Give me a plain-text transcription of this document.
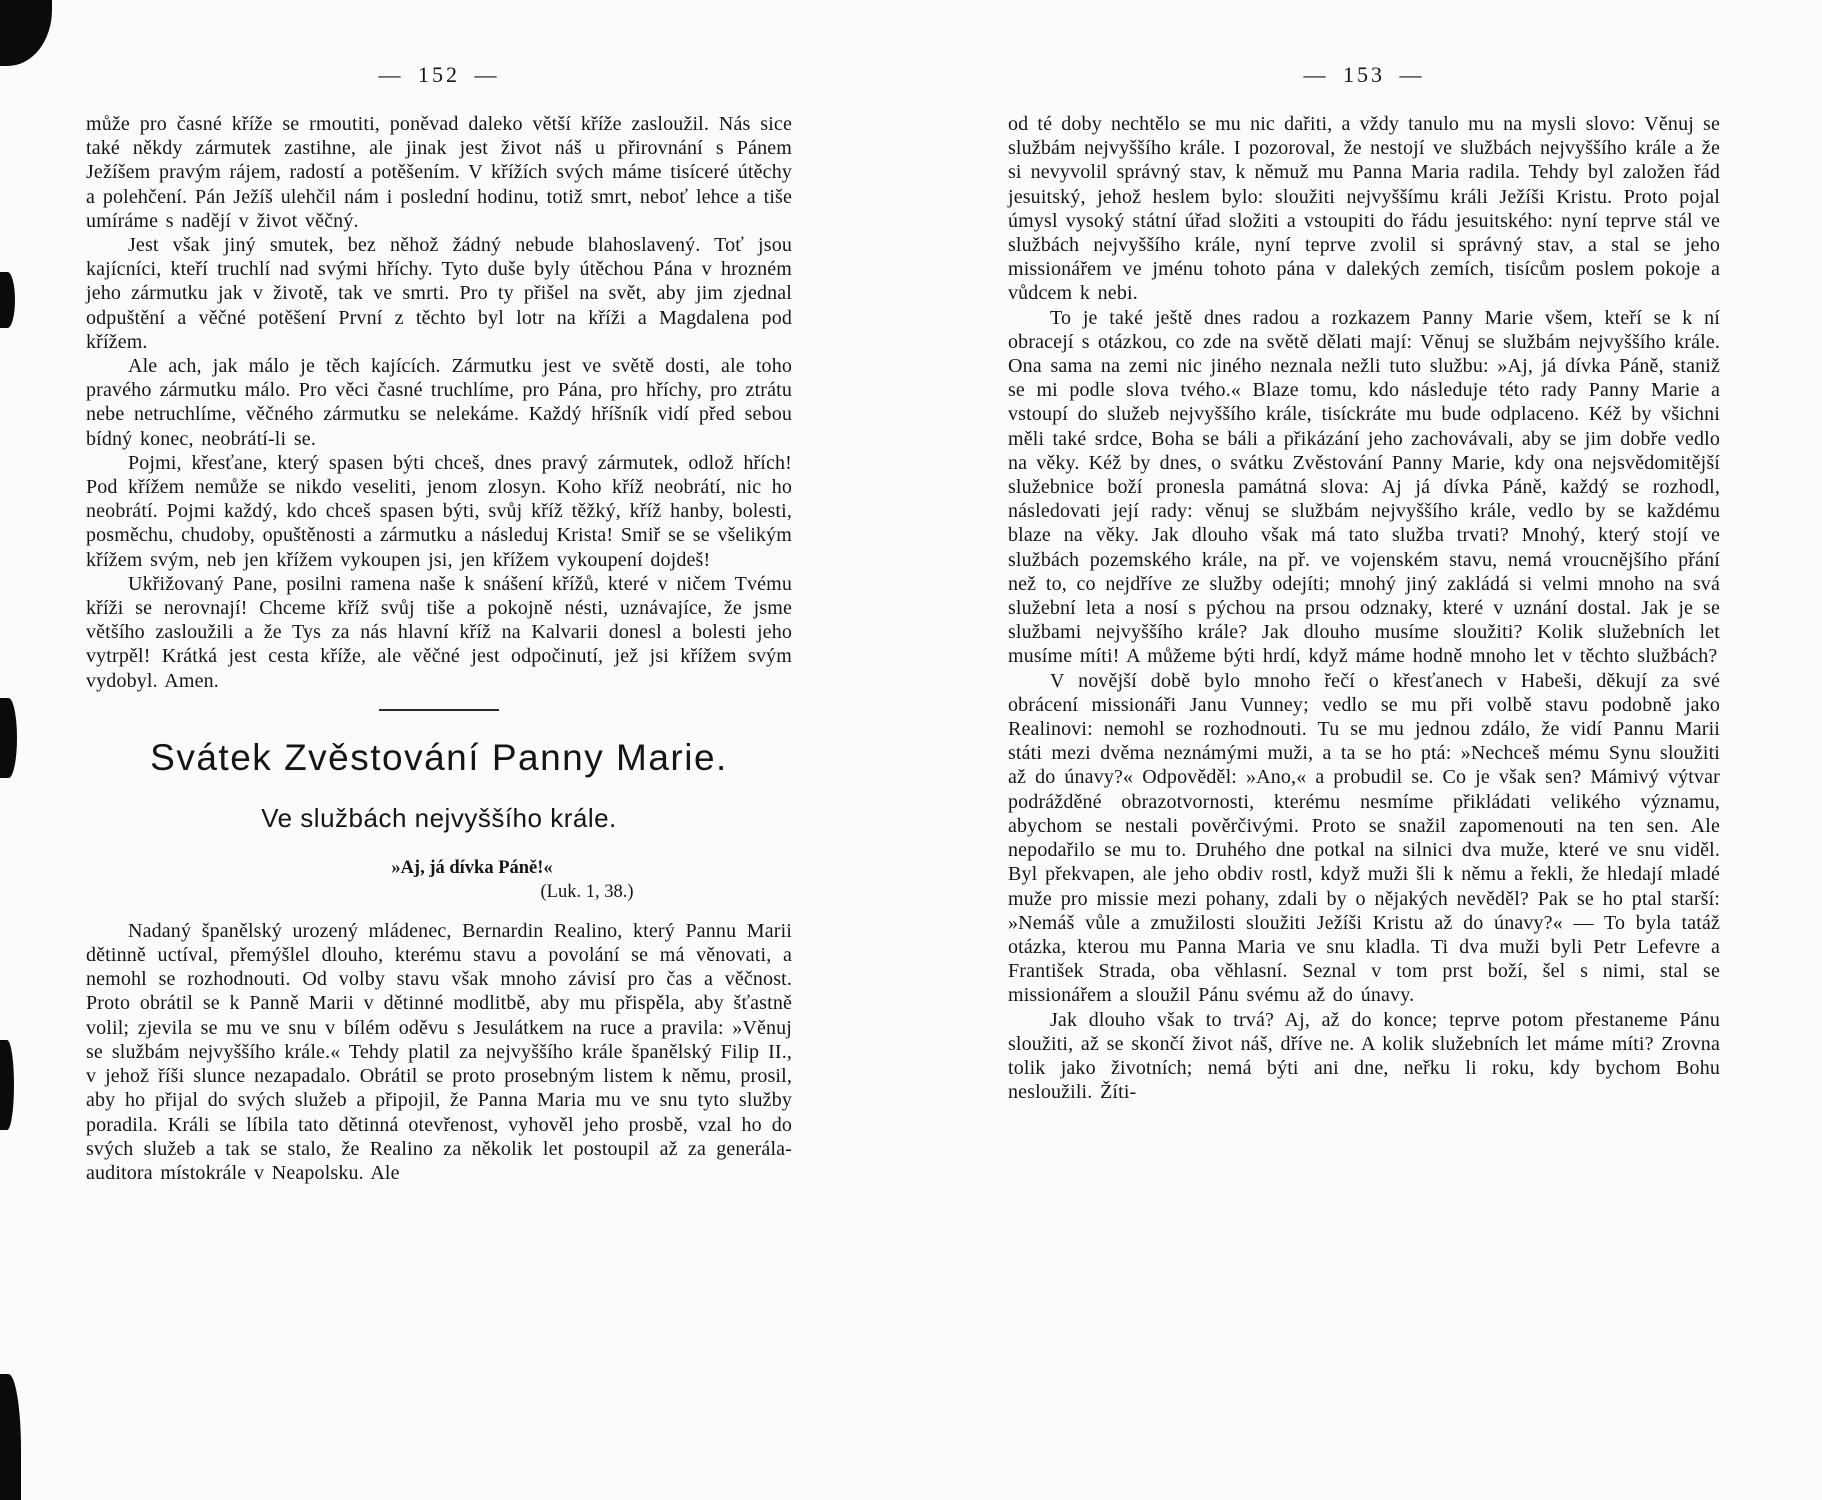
— 152 —

může pro časné kříže se rmoutiti, poněvad daleko větší kříže zasloužil. Nás sice také někdy zármutek zastihne, ale jinak jest život náš u přirovnání s Pánem Ježíšem pravým rájem, radostí a potěšením. V křížích svých máme tisíceré útěchy a polehčení. Pán Ježíš ulehčil nám i poslední hodinu, totiž smrt, neboť lehce a tiše umíráme s nadějí v život věčný.

Jest však jiný smutek, bez něhož žádný nebude blahoslavený. Toť jsou kajícníci, kteří truchlí nad svými hříchy. Tyto duše byly útěchou Pána v hrozném jeho zármutku jak v životě, tak ve smrti. Pro ty přišel na svět, aby jim zjednal odpuštění a věčné potěšení První z těchto byl lotr na kříži a Magdalena pod křížem.

Ale ach, jak málo je těch kajících. Zármutku jest ve světě dosti, ale toho pravého zármutku málo. Pro věci časné truchlíme, pro Pána, pro hříchy, pro ztrátu nebe netruchlíme, věčného zármutku se nelekáme. Každý hříšník vidí před sebou bídný konec, neobrátí-li se.

Pojmi, křesťane, který spasen býti chceš, dnes pravý zármutek, odlož hřích! Pod křížem nemůže se nikdo veseliti, jenom zlosyn. Koho kříž neobrátí, nic ho neobrátí. Pojmi každý, kdo chceš spasen býti, svůj kříž těžký, kříž hanby, bolesti, posměchu, chudoby, opuštěnosti a zármutku a následuj Krista! Smiř se se všelikým křížem svým, neb jen křížem vykoupen jsi, jen křížem vykoupení dojdeš!

Ukřižovaný Pane, posilni ramena naše k snášení křížů, které v ničem Tvému kříži se nerovnají! Chceme kříž svůj tiše a pokojně nésti, uznávajíce, že jsme většího zasloužili a že Tys za nás hlavní kříž na Kalvarii donesl a bolesti jeho vytrpěl! Krátká jest cesta kříže, ale věčné jest odpočinutí, jež jsi křížem svým vydobyl. Amen.

Svátek Zvěstování Panny Marie.
Ve službách nejvyššího krále.
»Aj, já dívka Páně!«
(Luk. 1, 38.)

Nadaný španělský urozený mládenec, Bernardin Realino, který Pannu Marii dětinně uctíval, přemýšlel dlouho, kterému stavu a povolání se má věnovati, a nemohl se rozhodnouti. Od volby stavu však mnoho závisí pro čas a věčnost. Proto obrátil se k Panně Marii v dětinné modlitbě, aby mu přispěla, aby šťastně volil; zjevila se mu ve snu v bílém oděvu s Jesulátkem na ruce a pravila: »Věnuj se službám nejvyššího krále.« Tehdy platil za nejvyššího krále španělský Filip II., v jehož říši slunce nezapadalo. Obrátil se proto prosebným listem k němu, prosil, aby ho přijal do svých služeb a připojil, že Panna Maria mu ve snu tyto služby poradila. Králi se líbila tato dětinná otevřenost, vyhověl jeho prosbě, vzal ho do svých služeb a tak se stalo, že Realino za několik let postoupil až za generála-auditora místokrále v Neapolsku. Ale

— 153 —

od té doby nechtělo se mu nic dařiti, a vždy tanulo mu na mysli slovo: Věnuj se službám nejvyššího krále. I pozoroval, že nestojí ve službách nejvyššího krále a že si nevyvolil správný stav, k němuž mu Panna Maria radila. Tehdy byl založen řád jesuitský, jehož heslem bylo: sloužiti nejvyššímu králi Ježíši Kristu. Proto pojal úmysl vysoký státní úřad složiti a vstoupiti do řádu jesuitského: nyní teprve stál ve službách nejvyššího krále, nyní teprve zvolil si správný stav, a stal se jeho missionářem ve jménu tohoto pána v dalekých zemích, tisícům poslem pokoje a vůdcem k nebi.

To je také ještě dnes radou a rozkazem Panny Marie všem, kteří se k ní obracejí s otázkou, co zde na světě dělati mají: Věnuj se službám nejvyššího krále. Ona sama na zemi nic jiného neznala nežli tuto službu: »Aj, já dívka Páně, staniž se mi podle slova tvého.« Blaze tomu, kdo následuje této rady Panny Marie a vstoupí do služeb nejvyššího krále, tisíckráte mu bude odplaceno. Kéž by všichni měli také srdce, Boha se báli a přikázání jeho zachovávali, aby se jim dobře vedlo na věky. Kéž by dnes, o svátku Zvěstování Panny Marie, kdy ona nejsvědomitější služebnice boží pronesla památná slova: Aj já dívka Páně, každý se rozhodl, následovati její rady: věnuj se službám nejvyššího krále, vedlo by se každému blaze na věky. Jak dlouho však má tato služba trvati? Mnohý, který stojí ve službách pozemského krále, na př. ve vojenském stavu, nemá vroucnějšího přání než to, co nejdříve ze služby odejíti; mnohý jiný zakládá si velmi mnoho na svá služební leta a nosí s pýchou na prsou odznaky, které v uznání dostal. Jak je se službami nejvyššího krále? Jak dlouho musíme sloužiti? Kolik služebních let musíme míti! A můžeme býti hrdí, když máme hodně mnoho let v těchto službách?

V novější době bylo mnoho řečí o křesťanech v Habeši, děkují za své obrácení missionáři Janu Vunney; vedlo se mu při volbě stavu podobně jako Realinovi: nemohl se rozhodnouti. Tu se mu jednou zdálo, že vidí Pannu Marii státi mezi dvěma neznámými muži, a ta se ho ptá: »Nechceš mému Synu sloužiti až do únavy?« Odpověděl: »Ano,« a probudil se. Co je však sen? Mámivý výtvar podrážděné obrazotvornosti, kterému nesmíme přikládati velikého významu, abychom se nestali pověrčivými. Proto se snažil zapomenouti na ten sen. Ale nepodařilo se mu to. Druhého dne potkal na silnici dva muže, které ve snu viděl. Byl překvapen, ale jeho obdiv rostl, když muži šli k němu a řekli, že hledají mladé muže pro missie mezi pohany, zdali by o nějakých nevěděl? Pak se ho ptal starší: »Nemáš vůle a zmužilosti sloužiti Ježíši Kristu až do únavy?« — To byla tatáž otázka, kterou mu Panna Maria ve snu kladla. Ti dva muži byli Petr Lefevre a František Strada, oba věhlasní. Seznal v tom prst boží, šel s nimi, stal se missionářem a sloužil Pánu svému až do únavy.

Jak dlouho však to trvá? Aj, až do konce; teprve potom přestaneme Pánu sloužiti, až se skončí život náš, dříve ne. A kolik služebních let máme míti? Zrovna tolik jako životních; nemá býti ani dne, neřku li roku, kdy bychom Bohu nesloužili. Žíti-
